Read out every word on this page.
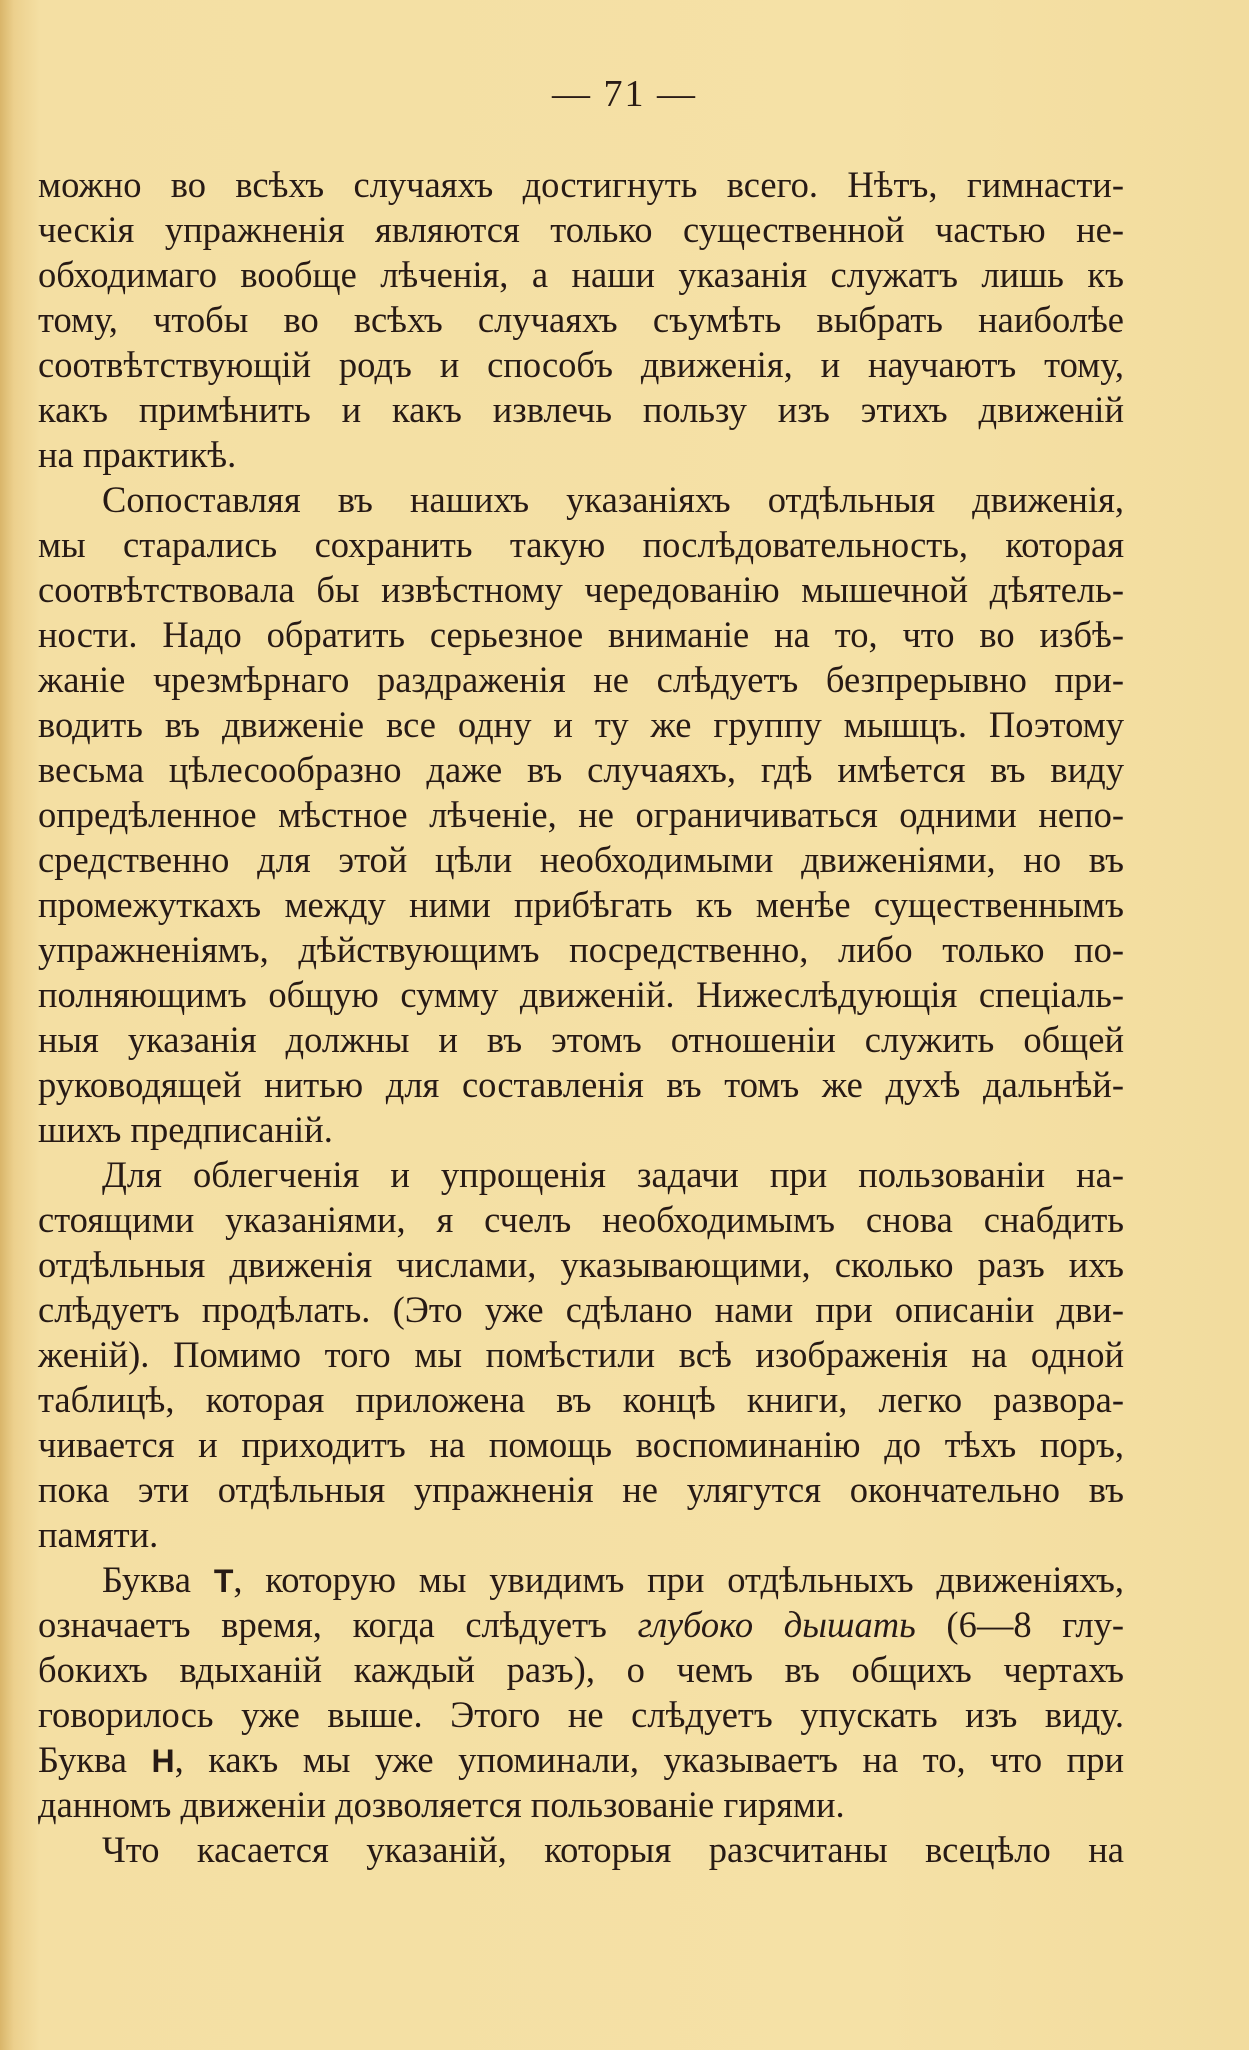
— 71 —
можно во всѣхъ случаяхъ достигнуть всего. Нѣтъ, гимнасти-
ческія упражненія являются только существенной частью не-
обходимаго вообще лѣченія, а наши указанія служатъ лишь къ
тому, чтобы во всѣхъ случаяхъ съумѣть выбрать наиболѣе
соотвѣтствующій родъ и способъ движенія, и научаютъ тому,
какъ примѣнить и какъ извлечь пользу изъ этихъ движеній
на практикѣ.
Сопоставляя въ нашихъ указаніяхъ отдѣльныя движенія,
мы старались сохранить такую послѣдовательность, которая
соотвѣтствовала бы извѣстному чередованію мышечной дѣятель-
ности. Надо обратить серьезное вниманіе на то, что во избѣ-
жаніе чрезмѣрнаго раздраженія не слѣдуетъ безпрерывно при-
водить въ движеніе все одну и ту же группу мышцъ. Поэтому
весьма цѣлесообразно даже въ случаяхъ, гдѣ имѣется въ виду
опредѣленное мѣстное лѣченіе, не ограничиваться одними непо-
средственно для этой цѣли необходимыми движеніями, но въ
промежуткахъ между ними прибѣгать къ менѣе существеннымъ
упражненіямъ, дѣйствующимъ посредственно, либо только по-
полняющимъ общую сумму движеній. Нижеслѣдующія спеціаль-
ныя указанія должны и въ этомъ отношеніи служить общей
руководящей нитью для составленія въ томъ же духѣ дальнѣй-
шихъ предписаній.
Для облегченія и упрощенія задачи при пользованіи на-
стоящими указаніями, я счелъ необходимымъ снова снабдить
отдѣльныя движенія числами, указывающими, сколько разъ ихъ
слѣдуетъ продѣлать. (Это уже сдѣлано нами при описаніи дви-
женій). Помимо того мы помѣстили всѣ изображенія на одной
таблицѣ, которая приложена въ концѣ книги, легко развора-
чивается и приходитъ на помощь воспоминанію до тѣхъ поръ,
пока эти отдѣльныя упражненія не улягутся окончательно въ
памяти.
Буква Т, которую мы увидимъ при отдѣльныхъ движеніяхъ,
означаетъ время, когда слѣдуетъ глубоко дышать (6—8 глу-
бокихъ вдыханій каждый разъ), о чемъ въ общихъ чертахъ
говорилось уже выше. Этого не слѣдуетъ упускать изъ виду.
Буква Н, какъ мы уже упоминали, указываетъ на то, что при
данномъ движеніи дозволяется пользованіе гирями.
Что касается указаній, которыя разсчитаны всецѣло на
